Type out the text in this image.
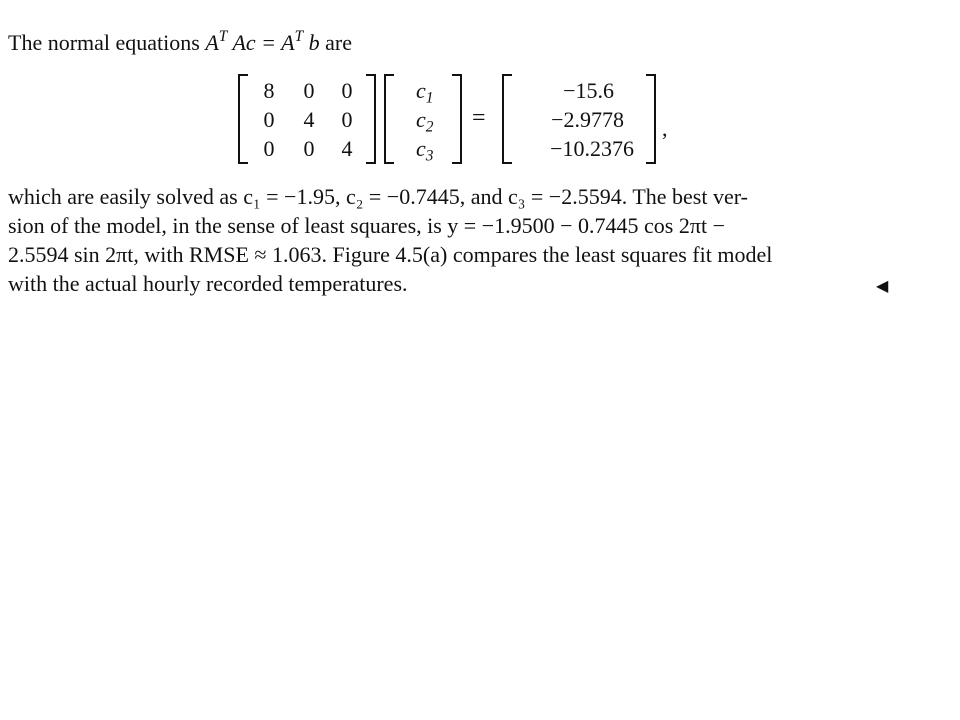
The normal equations $A^T$ $Ac = A^T$ b are
8	0	0
0	4	0
0	0	4
$c_1$
$c_2$
$c_3$
=
−15.6
−2.9778
−10.2376
,
which are easily solved as c₁ = −1.95, c₂ = −0.7445, and c₃ = −2.5594. The best ver-
sion of the model, in the sense of least squares, is y = −1.9500 − 0.7445 cos 2πt −
2.5594 sin 2πt, with RMSE ≈ 1.063. Figure 4.5(a) compares the least squares fit model
with the actual hourly recorded temperatures.	◀
